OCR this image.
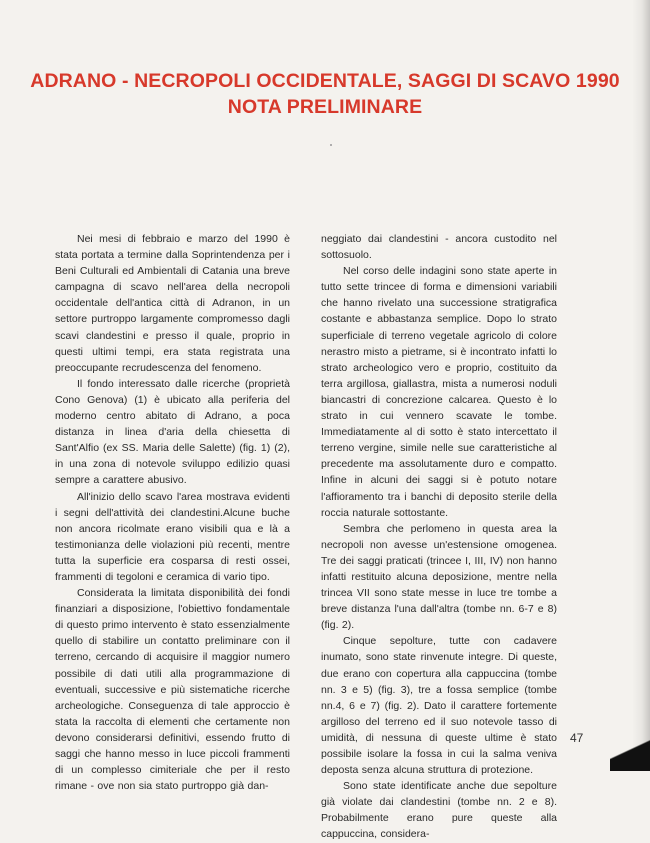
ADRANO - NECROPOLI OCCIDENTALE, SAGGI DI SCAVO 1990
NOTA PRELIMINARE

Nei mesi di febbraio e marzo del 1990 è stata portata a termine dalla Soprintendenza per i Beni Culturali ed Ambientali di Catania una breve campagna di scavo nell'area della necropoli occidentale dell'antica città di Adranon, in un settore purtroppo largamente compromesso dagli scavi clandestini e presso il quale, proprio in questi ultimi tempi, era stata registrata una preoccupante recrudescenza del fenomeno.

Il fondo interessato dalle ricerche (proprietà Cono Genova) (1) è ubicato alla periferia del moderno centro abitato di Adrano, a poca distanza in linea d'aria della chiesetta di Sant'Alfio (ex SS. Maria delle Salette) (fig. 1) (2), in una zona di notevole sviluppo edilizio quasi sempre a carattere abusivo.

All'inizio dello scavo l'area mostrava evidenti i segni dell'attività dei clandestini.Alcune buche non ancora ricolmate erano visibili qua e là a testimonianza delle violazioni più recenti, mentre tutta la superficie era cosparsa di resti ossei, frammenti di tegoloni e ceramica di vario tipo.

Considerata la limitata disponibilità dei fondi finanziari a disposizione, l'obiettivo fondamentale di questo primo intervento è stato essenzialmente quello di stabilire un contatto preliminare con il terreno, cercando di acquisire il maggior numero possibile di dati utili alla programmazione di eventuali, successive e più sistematiche ricerche archeologiche. Conseguenza di tale approccio è stata la raccolta di elementi che certamente non devono considerarsi definitivi, essendo frutto di saggi che hanno messo in luce piccoli frammenti di un complesso cimiteriale che per il resto rimane - ove non sia stato purtroppo già dan-

neggiato dai clandestini - ancora custodito nel sottosuolo.

Nel corso delle indagini sono state aperte in tutto sette trincee di forma e dimensioni variabili che hanno rivelato una successione stratigrafica costante e abbastanza semplice. Dopo lo strato superficiale di terreno vegetale agricolo di colore nerastro misto a pietrame, si è incontrato infatti lo strato archeologico vero e proprio, costituito da terra argillosa, giallastra, mista a numerosi noduli biancastri di concrezione calcarea. Questo è lo strato in cui vennero scavate le tombe. Immediatamente al di sotto è stato intercettato il terreno vergine, simile nelle sue caratteristiche al precedente ma assolutamente duro e compatto. Infine in alcuni dei saggi si è potuto notare l'affioramento tra i banchi di deposito sterile della roccia naturale sottostante.

Sembra che perlomeno in questa area la necropoli non avesse un'estensione omogenea. Tre dei saggi praticati (trincee I, III, IV) non hanno infatti restituito alcuna deposizione, mentre nella trincea VII sono state messe in luce tre tombe a breve distanza l'una dall'altra (tombe nn. 6-7 e 8) (fig. 2).

Cinque sepolture, tutte con cadavere inumato, sono state rinvenute integre. Di queste, due erano con copertura alla cappuccina (tombe nn. 3 e 5) (fig. 3), tre a fossa semplice (tombe nn.4, 6 e 7) (fig. 2). Dato il carattere fortemente argilloso del terreno ed il suo notevole tasso di umidità, di nessuna di queste ultime è stato possibile isolare la fossa in cui la salma veniva deposta senza alcuna struttura di protezione.

Sono state identificate anche due sepolture già violate dai clandestini (tombe nn. 2 e 8). Probabilmente erano pure queste alla cappuccina, considera-

47
